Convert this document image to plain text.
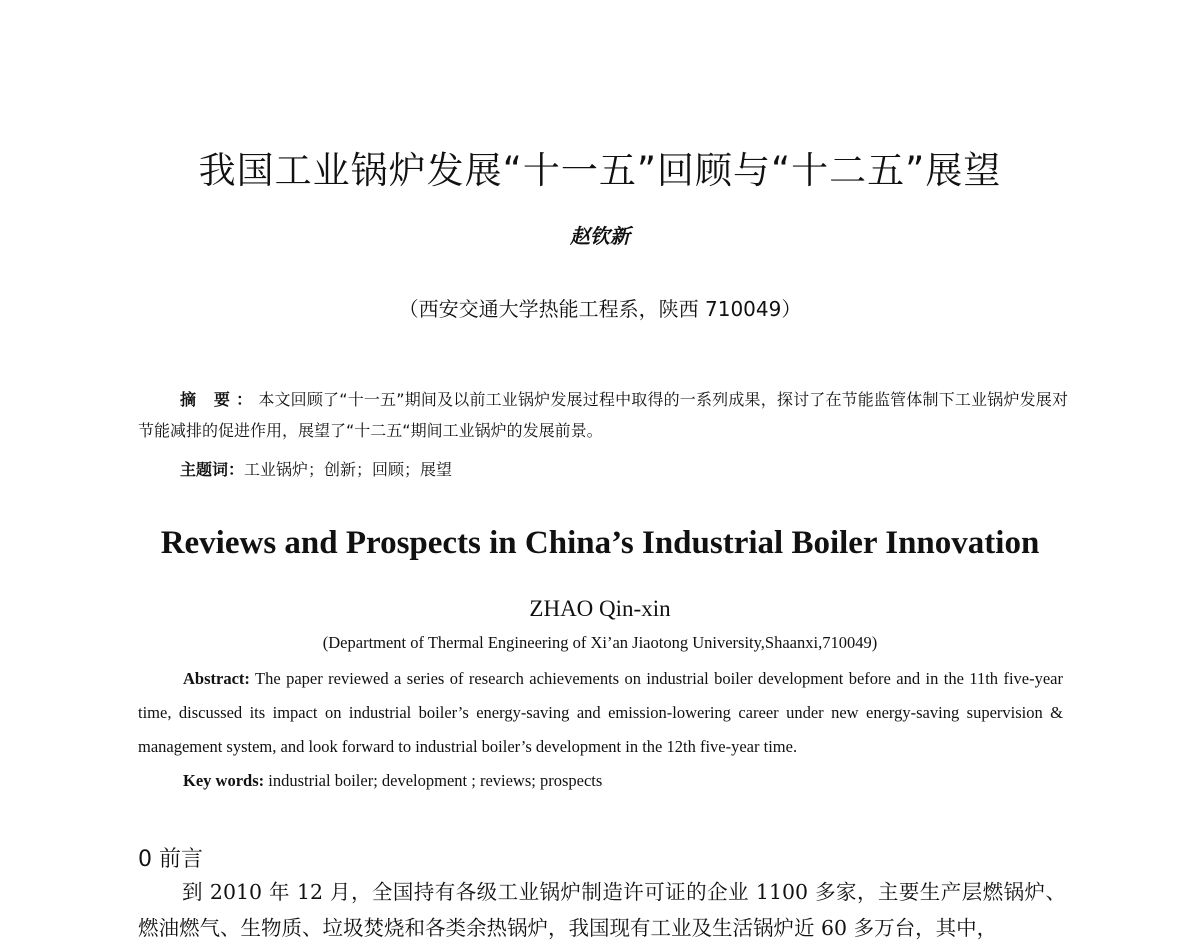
我国工业锅炉发展“十一五”回顾与“十二五”展望
赵钦新
（西安交通大学热能工程系，陕西 710049）
摘 要：本文回顾了“十一五”期间及以前工业锅炉发展过程中取得的一系列成果，探讨了在节能监管体制下工业锅炉发展对节能减排的促进作用，展望了“十二五“期间工业锅炉的发展前景。
主题词：工业锅炉；创新；回顾；展望
Reviews and Prospects in China’s Industrial Boiler Innovation
ZHAO Qin-xin
(Department of Thermal Engineering of Xi’an Jiaotong University,Shaanxi,710049)
Abstract: The paper reviewed a series of research achievements on industrial boiler development before and in the 11th five-year time, discussed its impact on industrial boiler’s energy-saving and emission-lowering career under new energy-saving supervision & management system, and look forward to industrial boiler’s development in the 12th five-year time.
Key words: industrial boiler; development ; reviews; prospects
0 前言
到 2010 年 12 月，全国持有各级工业锅炉制造许可证的企业 1100 多家，主要生产层燃锅炉、燃油燃气、生物质、垃圾焚烧和各类余热锅炉，我国现有工业及生活锅炉近 60 多万台，其中，
